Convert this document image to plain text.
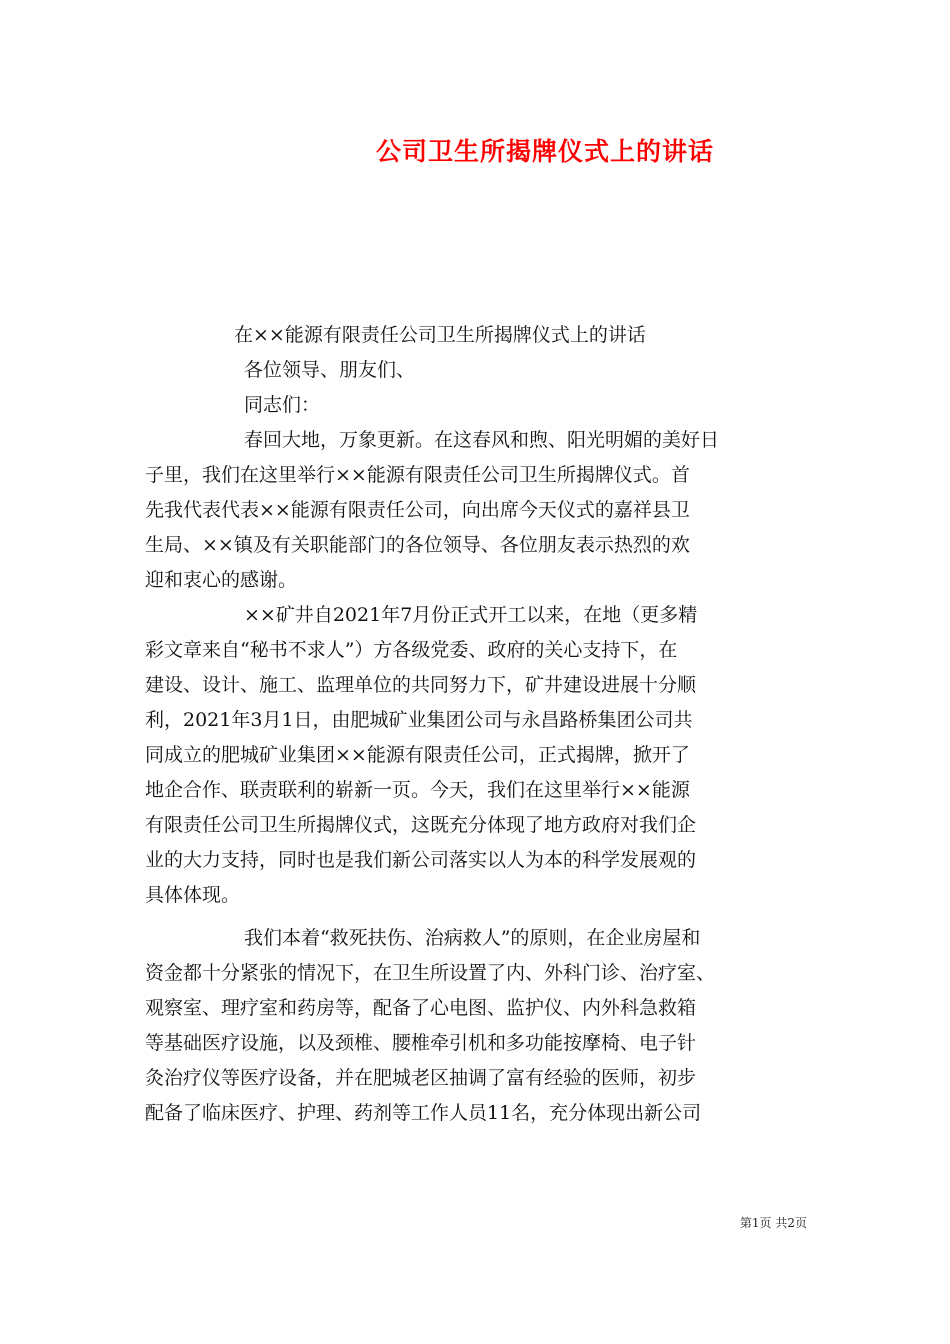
公司卫生所揭牌仪式上的讲话
在××能源有限责任公司卫生所揭牌仪式上的讲话
各位领导、朋友们、
同志们：
春回大地，万象更新。在这春风和煦、阳光明媚的美好日
子里，我们在这里举行××能源有限责任公司卫生所揭牌仪式。首
先我代表代表××能源有限责任公司，向出席今天仪式的嘉祥县卫
生局、××镇及有关职能部门的各位领导、各位朋友表示热烈的欢
迎和衷心的感谢。
××矿井自2021年7月份正式开工以来，在地（更多精
彩文章来自“秘书不求人”）方各级党委、政府的关心支持下，在
建设、设计、施工、监理单位的共同努力下，矿井建设进展十分顺
利，2021年3月1日，由肥城矿业集团公司与永昌路桥集团公司共
同成立的肥城矿业集团××能源有限责任公司，正式揭牌，掀开了
地企合作、联责联利的崭新一页。今天，我们在这里举行××能源
有限责任公司卫生所揭牌仪式，这既充分体现了地方政府对我们企
业的大力支持，同时也是我们新公司落实以人为本的科学发展观的
具体体现。
我们本着“救死扶伤、治病救人”的原则，在企业房屋和
资金都十分紧张的情况下，在卫生所设置了内、外科门诊、治疗室、
观察室、理疗室和药房等，配备了心电图、监护仪、内外科急救箱
等基础医疗设施，以及颈椎、腰椎牵引机和多功能按摩椅、电子针
灸治疗仪等医疗设备，并在肥城老区抽调了富有经验的医师，初步
配备了临床医疗、护理、药剂等工作人员11名，充分体现出新公司
第1页 共2页
